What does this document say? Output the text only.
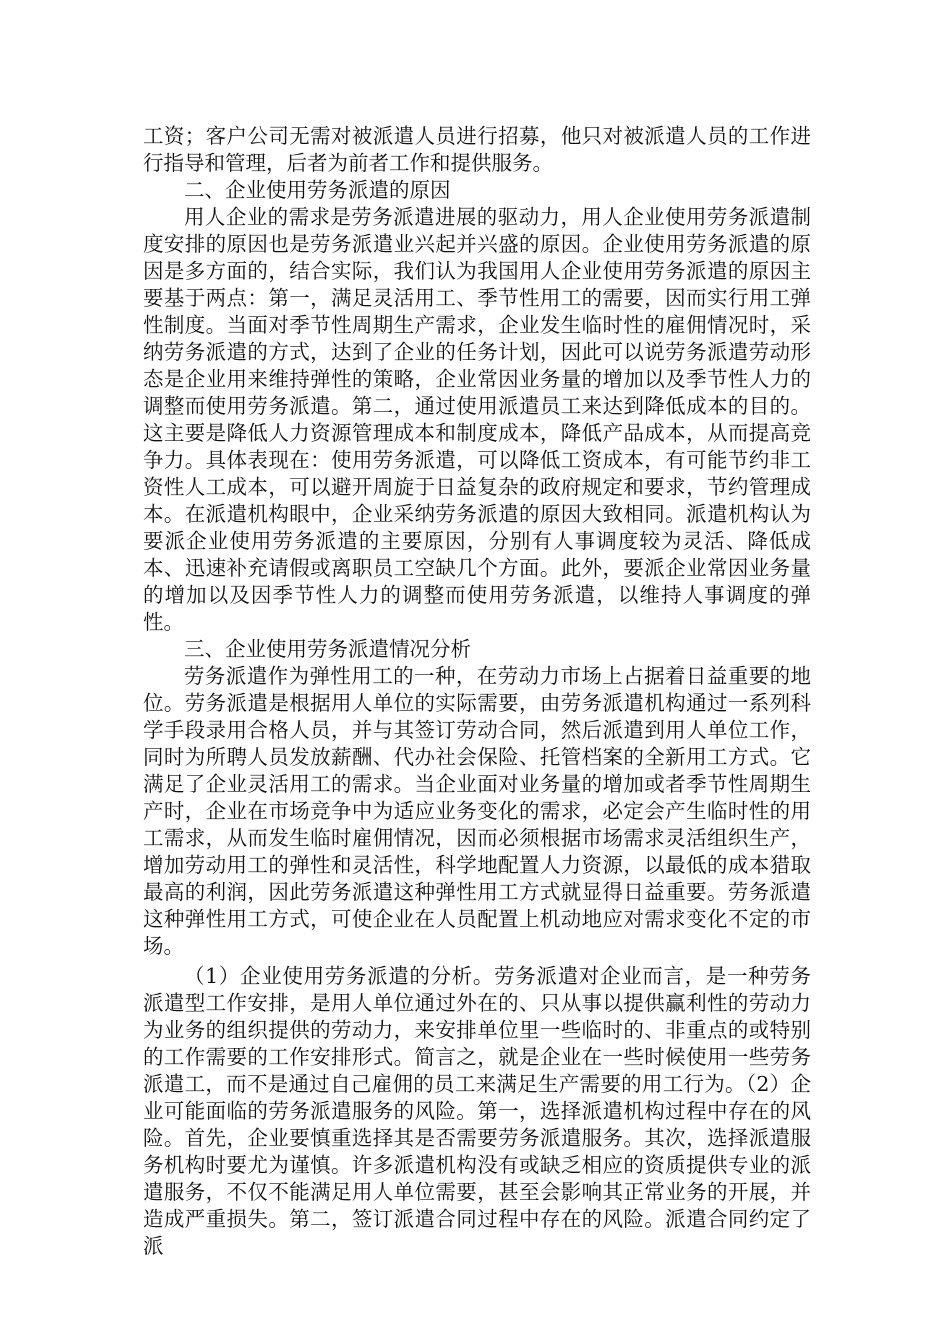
工资；客户公司无需对被派遣人员进行招募，他只对被派遣人员的工作进行指导和管理，后者为前者工作和提供服务。

二、企业使用劳务派遣的原因

用人企业的需求是劳务派遣进展的驱动力，用人企业使用劳务派遣制度安排的原因也是劳务派遣业兴起并兴盛的原因。企业使用劳务派遣的原因是多方面的，结合实际，我们认为我国用人企业使用劳务派遣的原因主要基于两点：第一，满足灵活用工、季节性用工的需要，因而实行用工弹性制度。当面对季节性周期生产需求，企业发生临时性的雇佣情况时，采纳劳务派遣的方式，达到了企业的任务计划，因此可以说劳务派遣劳动形态是企业用来维持弹性的策略，企业常因业务量的增加以及季节性人力的调整而使用劳务派遣。第二，通过使用派遣员工来达到降低成本的目的。这主要是降低人力资源管理成本和制度成本，降低产品成本，从而提高竞争力。具体表现在：使用劳务派遣，可以降低工资成本，有可能节约非工资性人工成本，可以避开周旋于日益复杂的政府规定和要求，节约管理成本。在派遣机构眼中，企业采纳劳务派遣的原因大致相同。派遣机构认为要派企业使用劳务派遣的主要原因，分别有人事调度较为灵活、降低成本、迅速补充请假或离职员工空缺几个方面。此外，要派企业常因业务量的增加以及因季节性人力的调整而使用劳务派遣，以维持人事调度的弹性。

三、企业使用劳务派遣情况分析

劳务派遣作为弹性用工的一种，在劳动力市场上占据着日益重要的地位。劳务派遣是根据用人单位的实际需要，由劳务派遣机构通过一系列科学手段录用合格人员，并与其签订劳动合同，然后派遣到用人单位工作，同时为所聘人员发放薪酬、代办社会保险、托管档案的全新用工方式。它满足了企业灵活用工的需求。当企业面对业务量的增加或者季节性周期生产时，企业在市场竞争中为适应业务变化的需求，必定会产生临时性的用工需求，从而发生临时雇佣情况，因而必须根据市场需求灵活组织生产，增加劳动用工的弹性和灵活性，科学地配置人力资源，以最低的成本猎取最高的利润，因此劳务派遣这种弹性用工方式就显得日益重要。劳务派遣这种弹性用工方式，可使企业在人员配置上机动地应对需求变化不定的市场。

（1）企业使用劳务派遣的分析。劳务派遣对企业而言，是一种劳务派遣型工作安排，是用人单位通过外在的、只从事以提供赢利性的劳动力为业务的组织提供的劳动力，来安排单位里一些临时的、非重点的或特别的工作需要的工作安排形式。简言之，就是企业在一些时候使用一些劳务派遣工，而不是通过自己雇佣的员工来满足生产需要的用工行为。（2）企业可能面临的劳务派遣服务的风险。第一，选择派遣机构过程中存在的风险。首先，企业要慎重选择其是否需要劳务派遣服务。其次，选择派遣服务机构时要尤为谨慎。许多派遣机构没有或缺乏相应的资质提供专业的派遣服务，不仅不能满足用人单位需要，甚至会影响其正常业务的开展，并造成严重损失。第二，签订派遣合同过程中存在的风险。派遣合同约定了派
